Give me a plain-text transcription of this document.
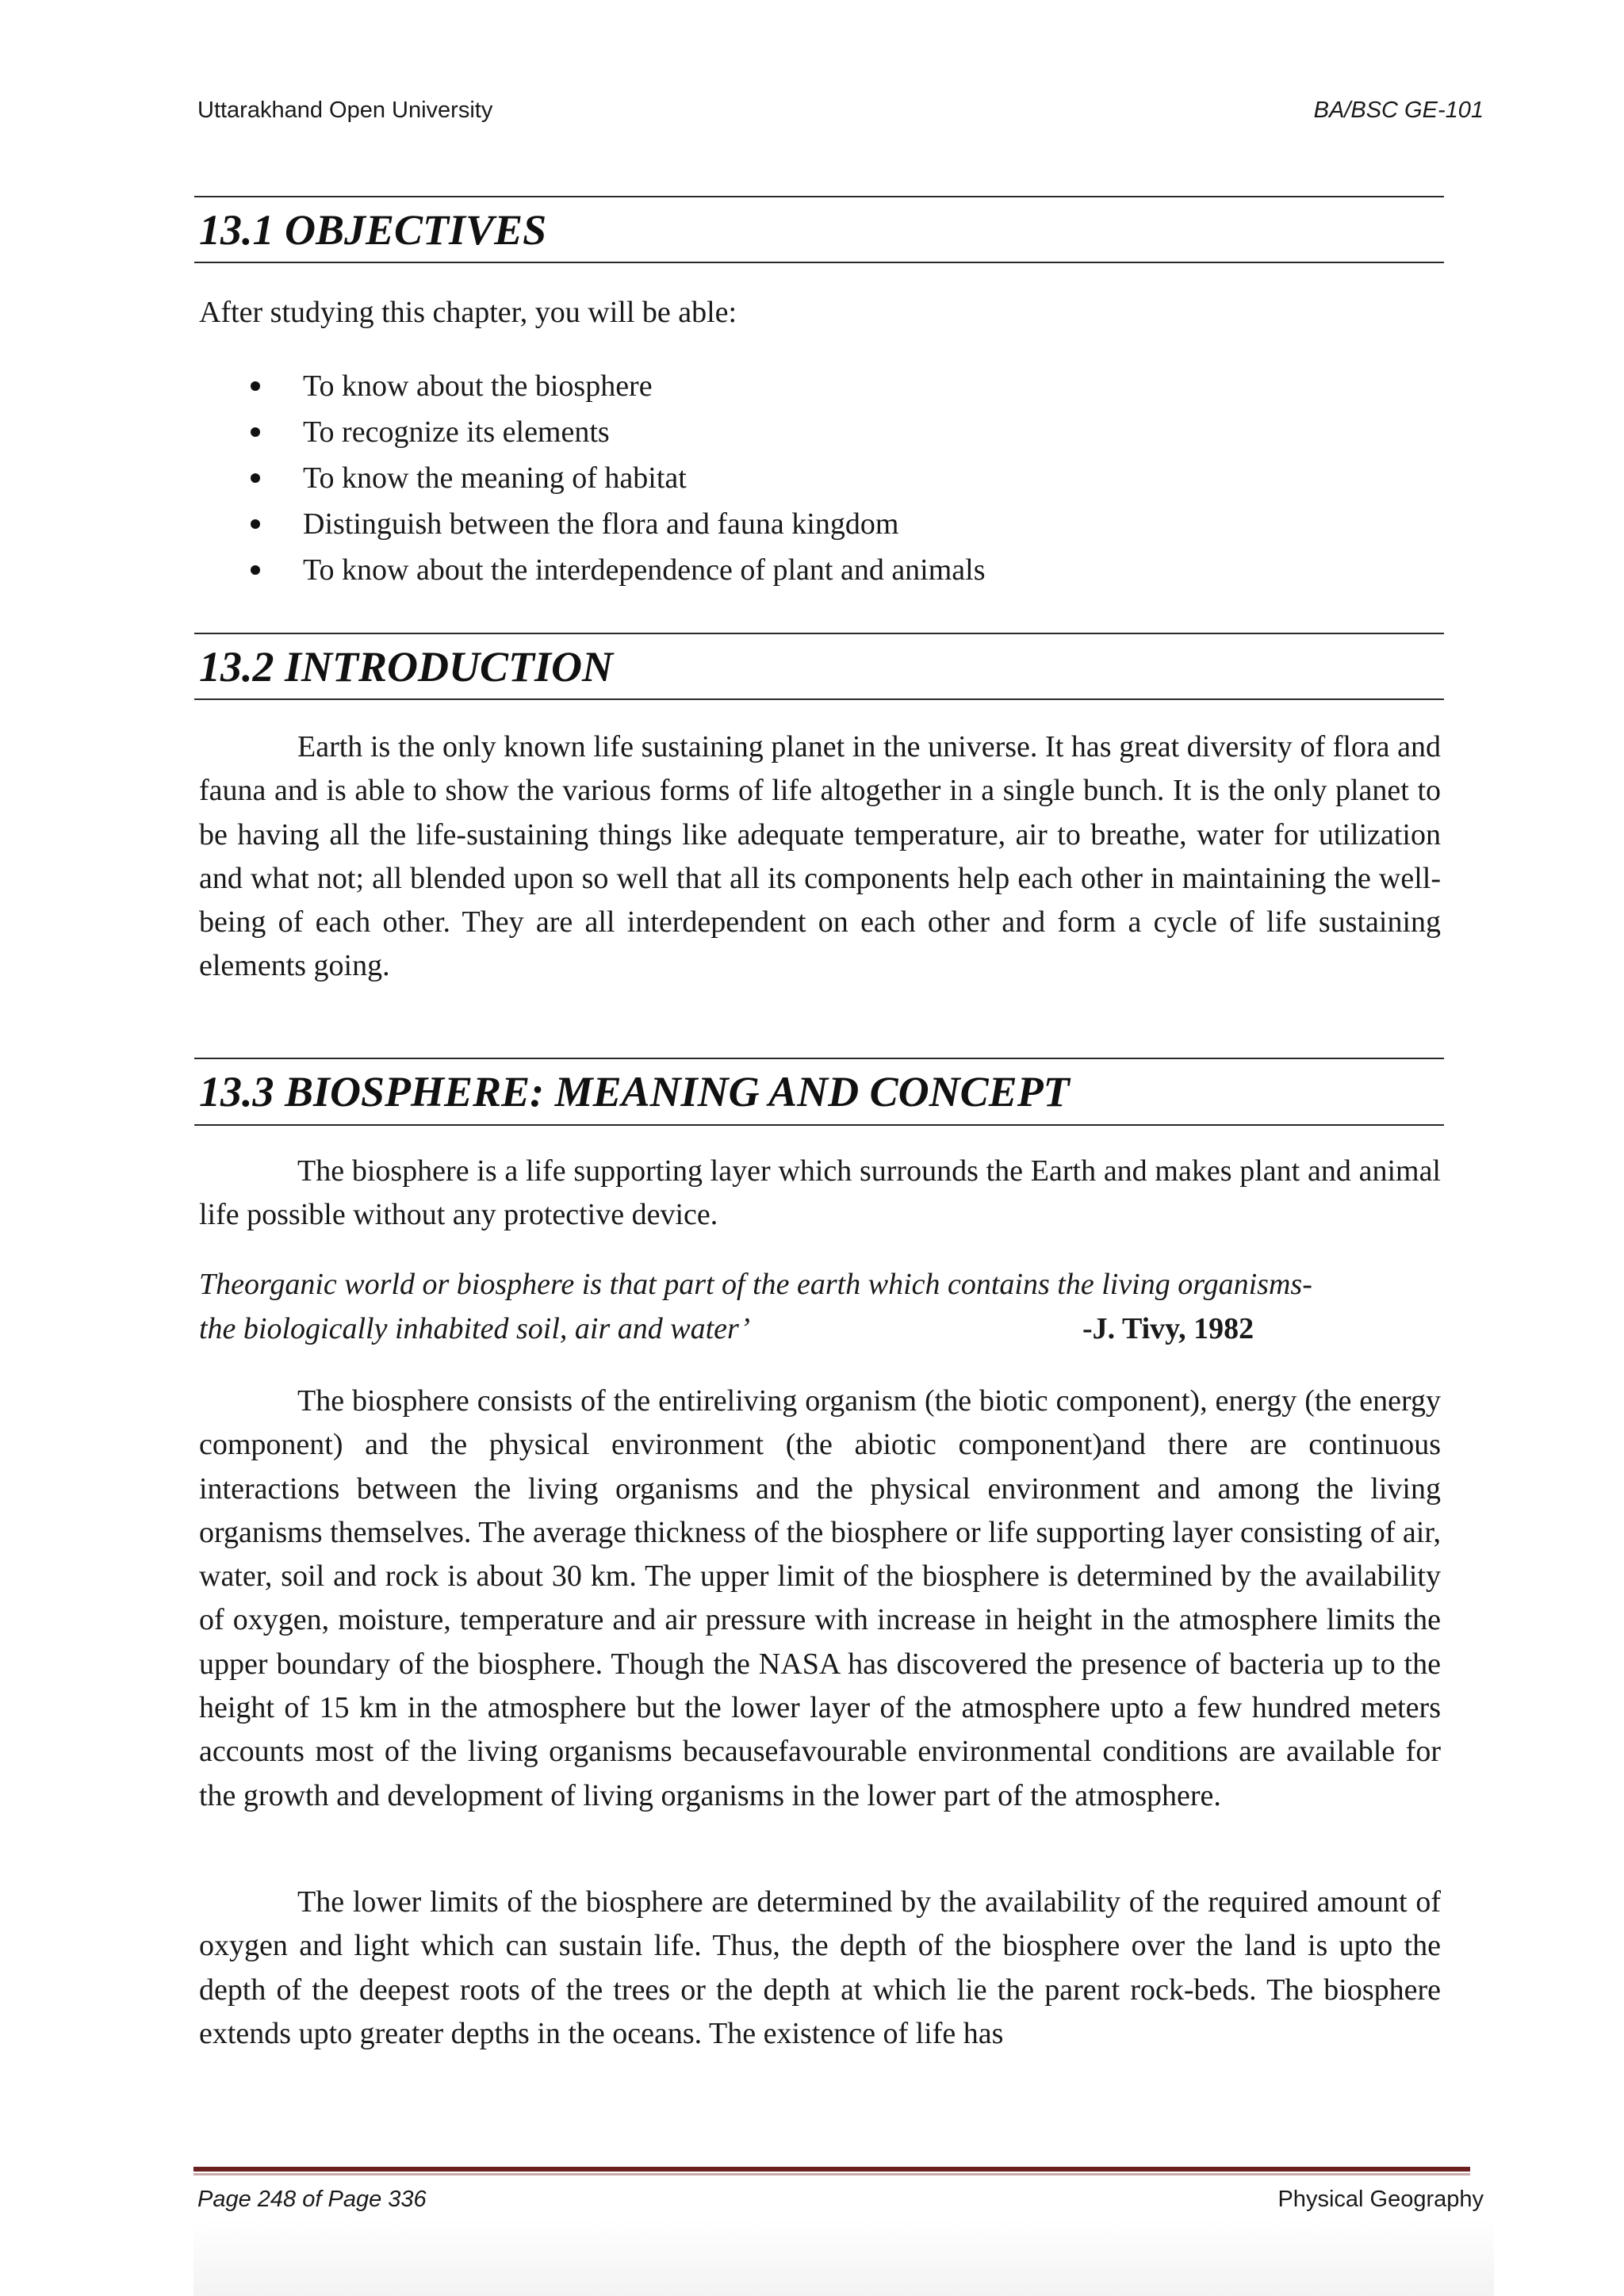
Uttarakhand Open University	BA/BSC GE-101
13.1 OBJECTIVES
After studying this chapter, you will be able:
To know about the biosphere
To recognize its elements
To know the meaning of habitat
Distinguish between the flora and fauna kingdom
To know about the interdependence of plant and animals
13.2 INTRODUCTION

Earth is the only known life sustaining planet in the universe. It has great diversity of flora and fauna and is able to show the various forms of life altogether in a single bunch. It is the only planet to be having all the life-sustaining things like adequate temperature, air to breathe, water for utilization and what not; all blended upon so well that all its components help each other in maintaining the well-being of each other. They are all interdependent on each other and form a cycle of life sustaining elements going.

13.3 BIOSPHERE: MEANING AND CONCEPT

The biosphere is a life supporting layer which surrounds the Earth and makes plant and animal life possible without any protective device.

Theorganic world or biosphere is that part of the earth which contains the living organisms-
the biologically inhabited soil, air and water’	-J. Tivy, 1982

The biosphere consists of the entireliving organism (the biotic component), energy (the energy component) and the physical environment (the abiotic component)and there are continuous interactions between the living organisms and the physical environment and among the living organisms themselves. The average thickness of the biosphere or life supporting layer consisting of air, water, soil and rock is about 30 km. The upper limit of the biosphere is determined by the availability of oxygen, moisture, temperature and air pressure with increase in height in the atmosphere limits the upper boundary of the biosphere. Though the NASA has discovered the presence of bacteria up to the height of 15 km in the atmosphere but the lower layer of the atmosphere upto a few hundred meters accounts most of the living organisms becausefavourable environmental conditions are available for the growth and development of living organisms in the lower part of the atmosphere.

The lower limits of the biosphere are determined by the availability of the required amount of oxygen and light which can sustain life. Thus, the depth of the biosphere over the land is upto the depth of the deepest roots of the trees or the depth at which lie the parent rock-beds. The biosphere extends upto greater depths in the oceans. The existence of life has

Page 248 of Page 336	Physical Geography
